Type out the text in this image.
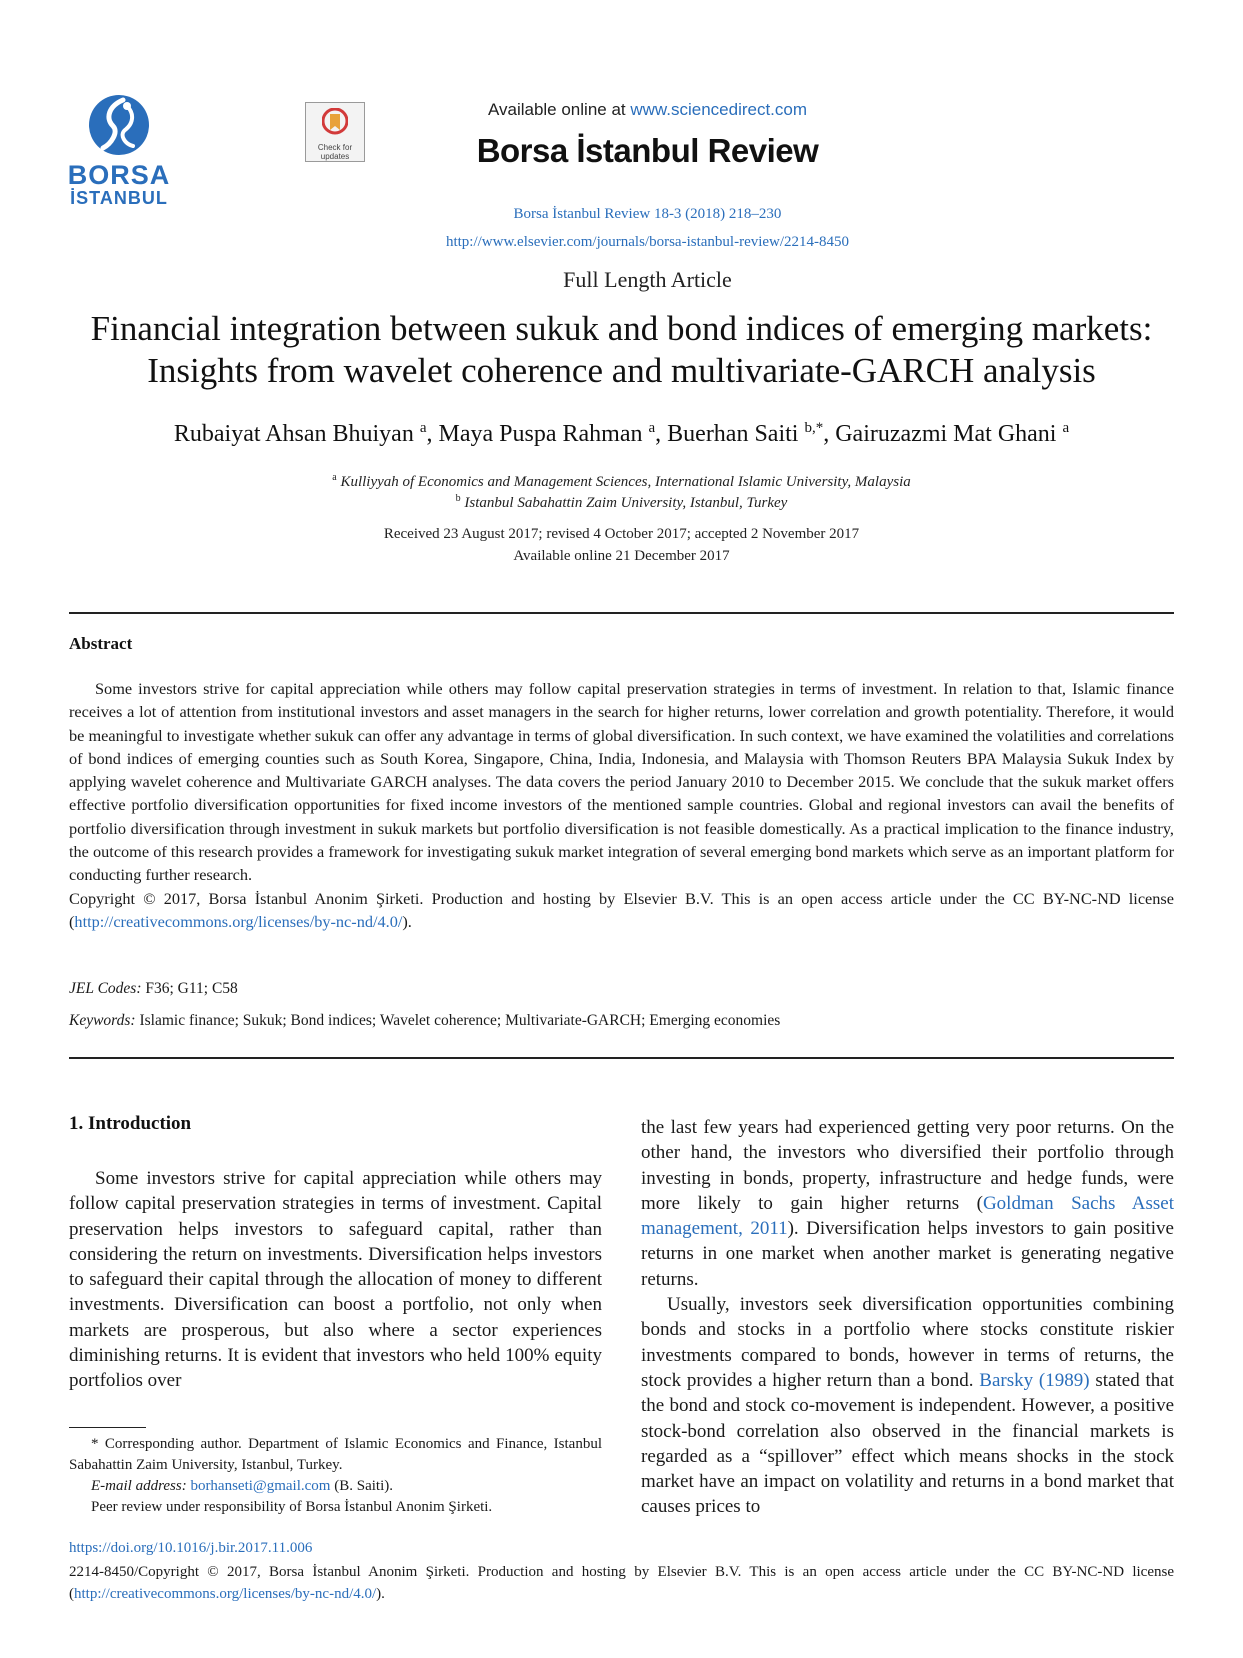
BORSA
İSTANBUL
Check for updates
Available online at www.sciencedirect.com
Borsa İstanbul Review
Borsa İstanbul Review 18-3 (2018) 218–230
http://www.elsevier.com/journals/borsa-istanbul-review/2214-8450
Full Length Article
Financial integration between sukuk and bond indices of emerging markets:
Insights from wavelet coherence and multivariate-GARCH analysis
Rubaiyat Ahsan Bhuiyan $^a$, Maya Puspa Rahman $^a$, Buerhan Saiti $^{b,*}$, Gairuzazmi Mat Ghani $^a$
$^a$ Kulliyyah of Economics and Management Sciences, International Islamic University, Malaysia
$^b$ Istanbul Sabahattin Zaim University, Istanbul, Turkey
Received 23 August 2017; revised 4 October 2017; accepted 2 November 2017
Available online 21 December 2017
Abstract

Some investors strive for capital appreciation while others may follow capital preservation strategies in terms of investment. In relation to that, Islamic finance receives a lot of attention from institutional investors and asset managers in the search for higher returns, lower correlation and growth potentiality. Therefore, it would be meaningful to investigate whether sukuk can offer any advantage in terms of global diversification. In such context, we have examined the volatilities and correlations of bond indices of emerging counties such as South Korea, Singapore, China, India, Indonesia, and Malaysia with Thomson Reuters BPA Malaysia Sukuk Index by applying wavelet coherence and Multivariate GARCH analyses. The data covers the period January 2010 to December 2015. We conclude that the sukuk market offers effective portfolio diversification opportunities for fixed income investors of the mentioned sample countries. Global and regional investors can avail the benefits of portfolio diversification through investment in sukuk markets but portfolio diversification is not feasible domestically. As a practical implication to the finance industry, the outcome of this research provides a framework for investigating sukuk market integration of several emerging bond markets which serve as an important platform for conducting further research.

Copyright © 2017, Borsa İstanbul Anonim Şirketi. Production and hosting by Elsevier B.V. This is an open access article under the CC BY-NC-ND license (http://creativecommons.org/licenses/by-nc-nd/4.0/).

JEL Codes: F36; G11; C58
Keywords: Islamic finance; Sukuk; Bond indices; Wavelet coherence; Multivariate-GARCH; Emerging economies
1. Introduction

Some investors strive for capital appreciation while others may follow capital preservation strategies in terms of investment. Capital preservation helps investors to safeguard capital, rather than considering the return on investments. Diversification helps investors to safeguard their capital through the allocation of money to different investments. Diversification can boost a portfolio, not only when markets are prosperous, but also where a sector experiences diminishing returns. It is evident that investors who held 100% equity portfolios over

the last few years had experienced getting very poor returns. On the other hand, the investors who diversified their portfolio through investing in bonds, property, infrastructure and hedge funds, were more likely to gain higher returns (Goldman Sachs Asset management, 2011). Diversification helps investors to gain positive returns in one market when another market is generating negative returns.

Usually, investors seek diversification opportunities combining bonds and stocks in a portfolio where stocks constitute riskier investments compared to bonds, however in terms of returns, the stock provides a higher return than a bond. Barsky (1989) stated that the bond and stock co-movement is independent. However, a positive stock-bond correlation also observed in the financial markets is regarded as a “spillover” effect which means shocks in the stock market have an impact on volatility and returns in a bond market that causes prices to

* Corresponding author. Department of Islamic Economics and Finance, Istanbul Sabahattin Zaim University, Istanbul, Turkey.

E-mail address: borhanseti@gmail.com (B. Saiti).

Peer review under responsibility of Borsa İstanbul Anonim Şirketi.

https://doi.org/10.1016/j.bir.2017.11.006
2214-8450/Copyright © 2017, Borsa İstanbul Anonim Şirketi. Production and hosting by Elsevier B.V. This is an open access article under the CC BY-NC-ND license (http://creativecommons.org/licenses/by-nc-nd/4.0/).
